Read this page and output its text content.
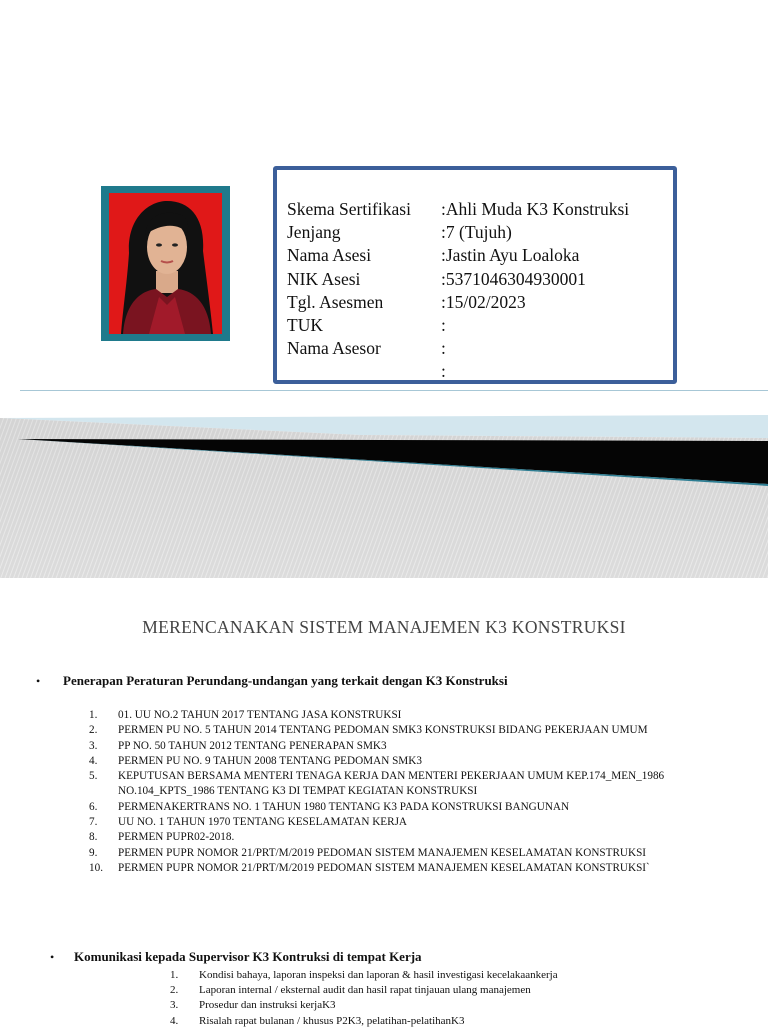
Skema Sertifikasi	:Ahli Muda K3 Konstruksi
Jenjang	:7 (Tujuh)
Nama Asesi	:Jastin Ayu Loaloka
NIK Asesi	:5371046304930001
Tgl. Asesmen	:15/02/2023
TUK	:
Nama Asesor	:
:
MERENCANAKAN SISTEM MANAJEMEN K3 KONSTRUKSI
• Penerapan Peraturan Perundang-undangan yang terkait dengan K3 Konstruksi
1.	01. UU NO.2 TAHUN 2017 TENTANG JASA KONSTRUKSI
2.	PERMEN PU NO. 5 TAHUN 2014 TENTANG PEDOMAN SMK3 KONSTRUKSI BIDANG PEKERJAAN UMUM
3.	PP NO. 50 TAHUN 2012 TENTANG PENERAPAN SMK3
4.	PERMEN PU NO. 9 TAHUN 2008 TENTANG PEDOMAN SMK3
5.	KEPUTUSAN BERSAMA MENTERI TENAGA KERJA DAN MENTERI PEKERJAAN UMUM KEP.174_MEN_1986
NO.104_KPTS_1986 TENTANG K3 DI TEMPAT KEGIATAN KONSTRUKSI
6.	PERMENAKERTRANS NO. 1 TAHUN 1980 TENTANG K3 PADA KONSTRUKSI BANGUNAN
7.	UU NO. 1 TAHUN 1970 TENTANG KESELAMATAN KERJA
8.	PERMEN PUPR02-2018.
9.	PERMEN PUPR NOMOR 21/PRT/M/2019 PEDOMAN SISTEM MANAJEMEN KESELAMATAN KONSTRUKSI
10.	PERMEN PUPR NOMOR 21/PRT/M/2019 PEDOMAN SISTEM MANAJEMEN KESELAMATAN KONSTRUKSI`
• Komunikasi kepada Supervisor K3 Kontruksi di tempat Kerja
1.	Kondisi bahaya, laporan inspeksi dan laporan & hasil investigasi kecelakaankerja
2.	Laporan internal / eksternal audit dan hasil rapat tinjauan ulang manajemen
3.	Prosedur dan instruksi kerjaK3
4.	Risalah rapat bulanan / khusus P2K3, pelatihan-pelatihanK3
